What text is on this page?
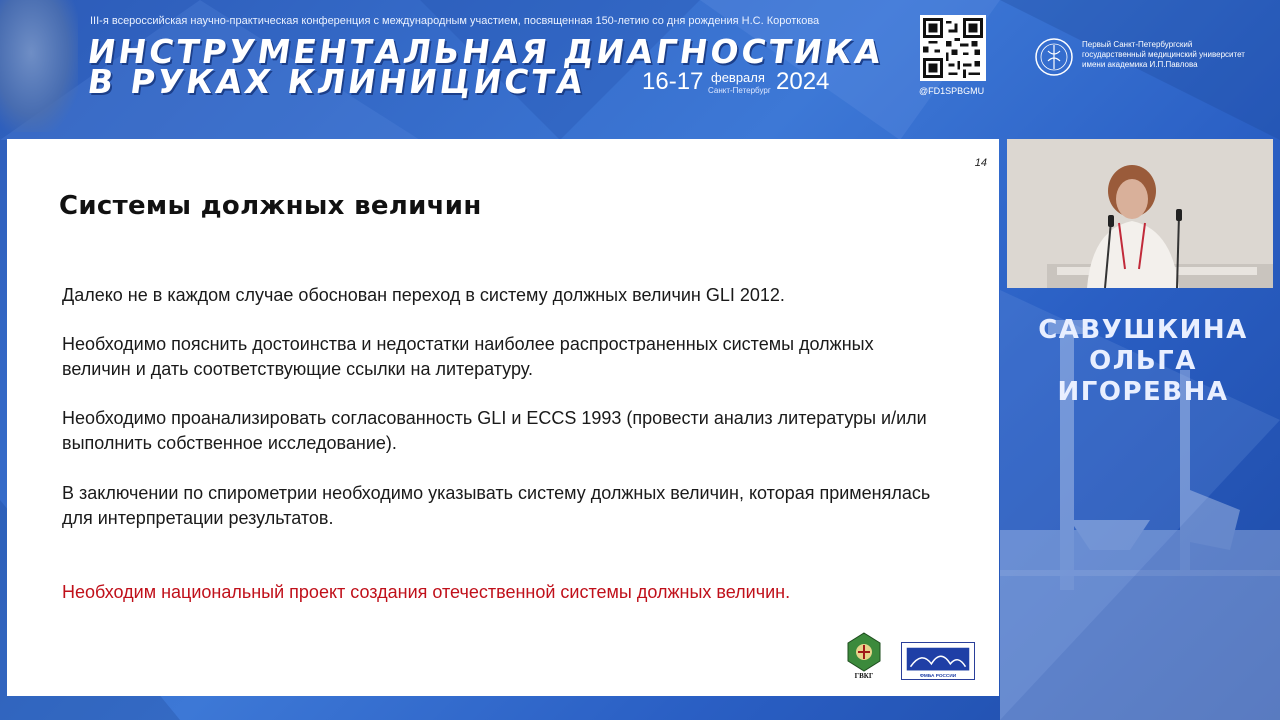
III-я всероссийская научно-практическая конференция с международным участием, посвященная 150-летию со дня рождения Н.С. Короткова
ИНСТРУМЕНТАЛЬНАЯ ДИАГНОСТИКА
В РУКАХ КЛИНИЦИСТА 16-17 февраля
Санкт-Петербург 2024	@FD1SPBGMU
Первый Санкт-Петербургский
государственный медицинский университет
имени академика И.П.Павлова
14
Системы должных величин
Далеко не в каждом случае обоснован переход в систему должных величин GLI 2012.
Необходимо пояснить достоинства и недостатки наиболее распространенных системы должных величин и дать соответствующие ссылки на литературу.
Необходимо проанализировать согласованность GLI и ECCS 1993 (провести анализ литературы и/или выполнить собственное исследование).
В заключении по спирометрии необходимо указывать систему должных величин, которая применялась для интерпретации результатов.
Необходим национальный проект создания отечественной системы должных величин.
ГВКГ	ФМБА РОССИИ
САВУШКИНА
ОЛЬГА
ИГОРЕВНА
